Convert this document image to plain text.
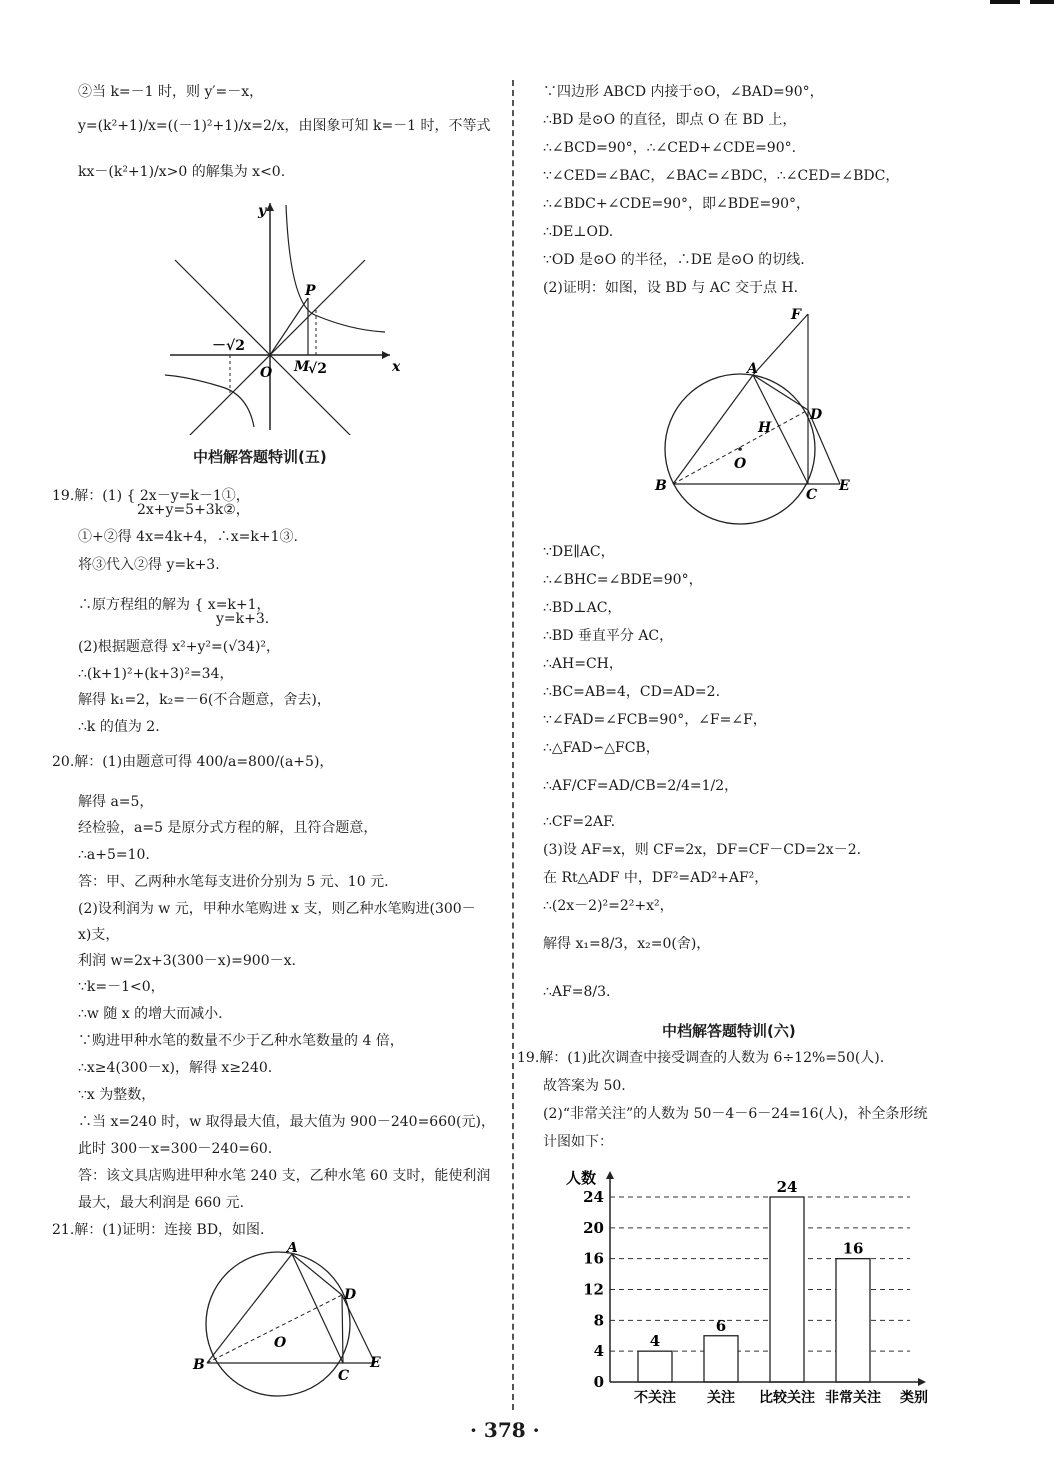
②当 k=－1 时，则 y′=－x，
y=(k²+1)/x=((－1)²+1)/x=2/x，由图象可知 k=－1 时，不等式
kx－(k²+1)/x>0 的解集为 x<0.
y
x
O
P
M
√2
－√2
中档解答题特训(五)
19.解：(1) { 2x－y=k－1①，
2x+y=5+3k②，
①+②得 4x=4k+4，∴x=k+1③.
将③代入②得 y=k+3.
∴原方程组的解为 { x=k+1，
y=k+3.
(2)根据题意得 x²+y²=(√34)²，
∴(k+1)²+(k+3)²=34，
解得 k₁=2，k₂=－6(不合题意，舍去)，
∴k 的值为 2.
20.解：(1)由题意可得 400/a=800/(a+5)，
解得 a=5，
经检验，a=5 是原分式方程的解，且符合题意，
∴a+5=10.
答：甲、乙两种水笔每支进价分别为 5 元、10 元.
(2)设利润为 w 元，甲种水笔购进 x 支，则乙种水笔购进(300－
x)支，
利润 w=2x+3(300－x)=900－x.
∵k=－1<0，
∴w 随 x 的增大而减小.
∵购进甲种水笔的数量不少于乙种水笔数量的 4 倍，
∴x≥4(300－x)，解得 x≥240.
∵x 为整数，
∴当 x=240 时，w 取得最大值，最大值为 900－240=660(元)，
此时 300－x=300－240=60.
答：该文具店购进甲种水笔 240 支，乙种水笔 60 支时，能使利润
最大，最大利润是 660 元.
21.解：(1)证明：连接 BD，如图.
A
B
C
D
E
O
∵四边形 ABCD 内接于⊙O，∠BAD=90°，
∴BD 是⊙O 的直径，即点 O 在 BD 上，
∴∠BCD=90°，∴∠CED+∠CDE=90°.
∵∠CED=∠BAC，∠BAC=∠BDC，∴∠CED=∠BDC，
∴∠BDC+∠CDE=90°，即∠BDE=90°，
∴DE⊥OD.
∵OD 是⊙O 的半径，∴DE 是⊙O 的切线.
(2)证明：如图，设 BD 与 AC 交于点 H.
F
A
D
H
O
B
C
E
∵DE∥AC，
∴∠BHC=∠BDE=90°，
∴BD⊥AC，
∴BD 垂直平分 AC，
∴AH=CH，
∴BC=AB=4，CD=AD=2.
∵∠FAD=∠FCB=90°，∠F=∠F，
∴△FAD∽△FCB，
∴AF/CF=AD/CB=2/4=1/2，
∴CF=2AF.
(3)设 AF=x，则 CF=2x，DF=CF－CD=2x－2.
在 Rt△ADF 中，DF²=AD²+AF²，
∴(2x－2)²=2²+x²，
解得 x₁=8/3，x₂=0(舍)，
∴AF=8/3.
中档解答题特训(六)
19.解：(1)此次调查中接受调查的人数为 6÷12%=50(人).
故答案为 50.
(2)“非常关注”的人数为 50－4－6－24=16(人)，补全条形统
计图如下：
0
4
8
12
16
20
24
4
不关注
6
关注
24
比较关注
16
非常关注
人数
类别
· 378 ·
